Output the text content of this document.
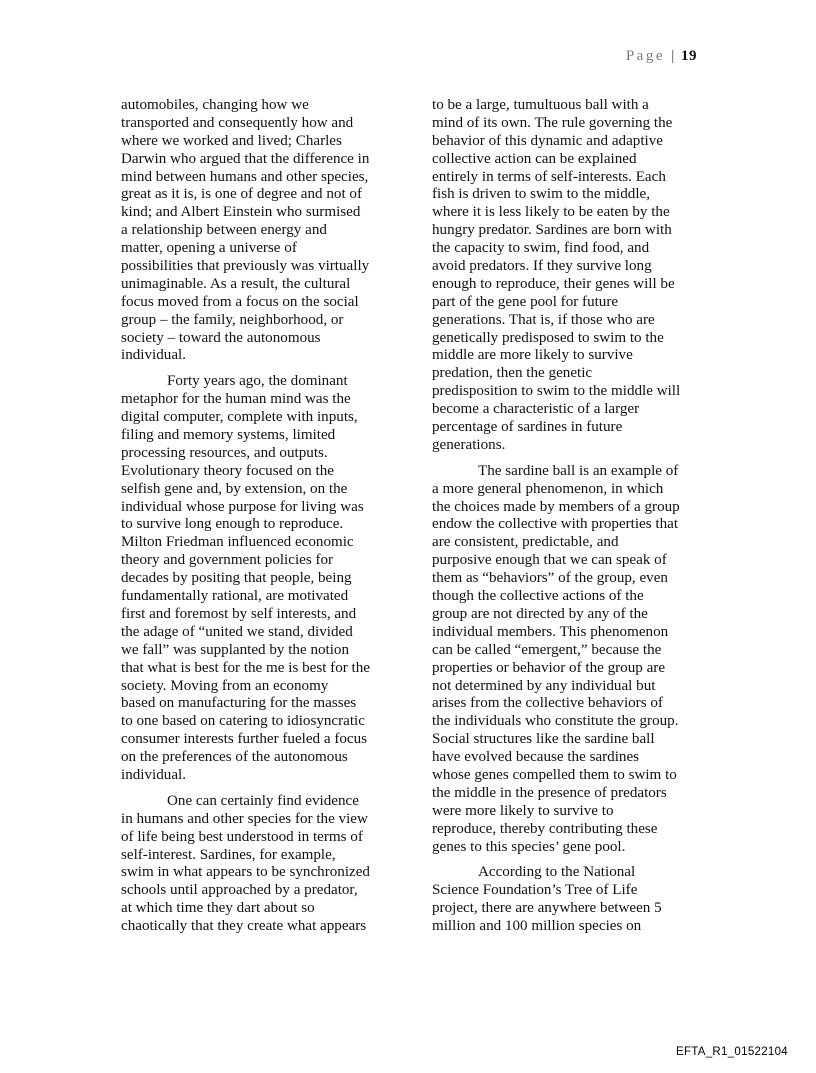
Page | 19
automobiles, changing how we
transported and consequently how and
where we worked and lived; Charles
Darwin who argued that the difference in
mind between humans and other species,
great as it is, is one of degree and not of
kind; and Albert Einstein who surmised
a relationship between energy and
matter, opening a universe of
possibilities that previously was virtually
unimaginable. As a result, the cultural
focus moved from a focus on the social
group – the family, neighborhood, or
society – toward the autonomous
individual.
Forty years ago, the dominant
metaphor for the human mind was the
digital computer, complete with inputs,
filing and memory systems, limited
processing resources, and outputs.
Evolutionary theory focused on the
selfish gene and, by extension, on the
individual whose purpose for living was
to survive long enough to reproduce.
Milton Friedman influenced economic
theory and government policies for
decades by positing that people, being
fundamentally rational, are motivated
first and foremost by self interests, and
the adage of “united we stand, divided
we fall” was supplanted by the notion
that what is best for the me is best for the
society. Moving from an economy
based on manufacturing for the masses
to one based on catering to idiosyncratic
consumer interests further fueled a focus
on the preferences of the autonomous
individual.
One can certainly find evidence
in humans and other species for the view
of life being best understood in terms of
self-interest. Sardines, for example,
swim in what appears to be synchronized
schools until approached by a predator,
at which time they dart about so
chaotically that they create what appears
to be a large, tumultuous ball with a
mind of its own. The rule governing the
behavior of this dynamic and adaptive
collective action can be explained
entirely in terms of self-interests. Each
fish is driven to swim to the middle,
where it is less likely to be eaten by the
hungry predator. Sardines are born with
the capacity to swim, find food, and
avoid predators. If they survive long
enough to reproduce, their genes will be
part of the gene pool for future
generations. That is, if those who are
genetically predisposed to swim to the
middle are more likely to survive
predation, then the genetic
predisposition to swim to the middle will
become a characteristic of a larger
percentage of sardines in future
generations.
The sardine ball is an example of
a more general phenomenon, in which
the choices made by members of a group
endow the collective with properties that
are consistent, predictable, and
purposive enough that we can speak of
them as “behaviors” of the group, even
though the collective actions of the
group are not directed by any of the
individual members. This phenomenon
can be called “emergent,” because the
properties or behavior of the group are
not determined by any individual but
arises from the collective behaviors of
the individuals who constitute the group.
Social structures like the sardine ball
have evolved because the sardines
whose genes compelled them to swim to
the middle in the presence of predators
were more likely to survive to
reproduce, thereby contributing these
genes to this species’ gene pool.
According to the National
Science Foundation’s Tree of Life
project, there are anywhere between 5
million and 100 million species on
EFTA_R1_01522104
